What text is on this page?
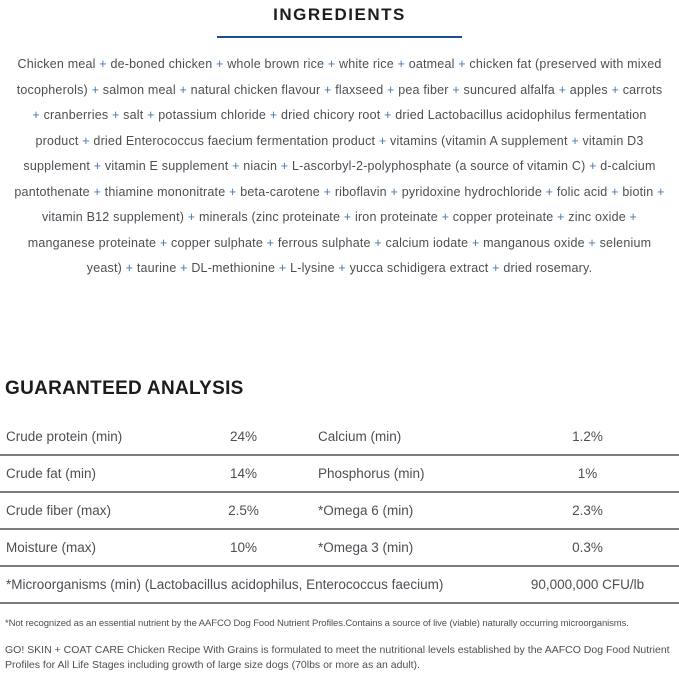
INGREDIENTS

Chicken meal + de-boned chicken + whole brown rice + white rice + oatmeal + chicken fat (preserved with mixed tocopherols) + salmon meal + natural chicken flavour + flaxseed + pea fiber + suncured alfalfa + apples + carrots + cranberries + salt + potassium chloride + dried chicory root + dried Lactobacillus acidophilus fermentation product + dried Enterococcus faecium fermentation product + vitamins (vitamin A supplement + vitamin D3 supplement + vitamin E supplement + niacin + L-ascorbyl-2-polyphosphate (a source of vitamin C) + d-calcium pantothenate + thiamine mononitrate + beta-carotene + riboflavin + pyridoxine hydrochloride + folic acid + biotin + vitamin B12 supplement) + minerals (zinc proteinate + iron proteinate + copper proteinate + zinc oxide + manganese proteinate + copper sulphate + ferrous sulphate + calcium iodate + manganous oxide + selenium yeast) + taurine + DL-methionine + L-lysine + yucca schidigera extract + dried rosemary.

GUARANTEED ANALYSIS
Crude protein (min)	24%	Calcium (min)	1.2%
Crude fat (min)	14%	Phosphorus (min)	1%
Crude fiber (max)	2.5%	*Omega 6 (min)	2.3%
Moisture (max)	10%	*Omega 3 (min)	0.3%
*Microorganisms (min) (Lactobacillus acidophilus, Enterococcus faecium)	90,000,000 CFU/lb

*Not recognized as an essential nutrient by the AAFCO Dog Food Nutrient Profiles.Contains a source of live (viable) naturally occurring microorganisms.

GO! SKIN + COAT CARE Chicken Recipe With Grains is formulated to meet the nutritional levels established by the AAFCO Dog Food Nutrient Profiles for All Life Stages including growth of large size dogs (70lbs or more as an adult).
